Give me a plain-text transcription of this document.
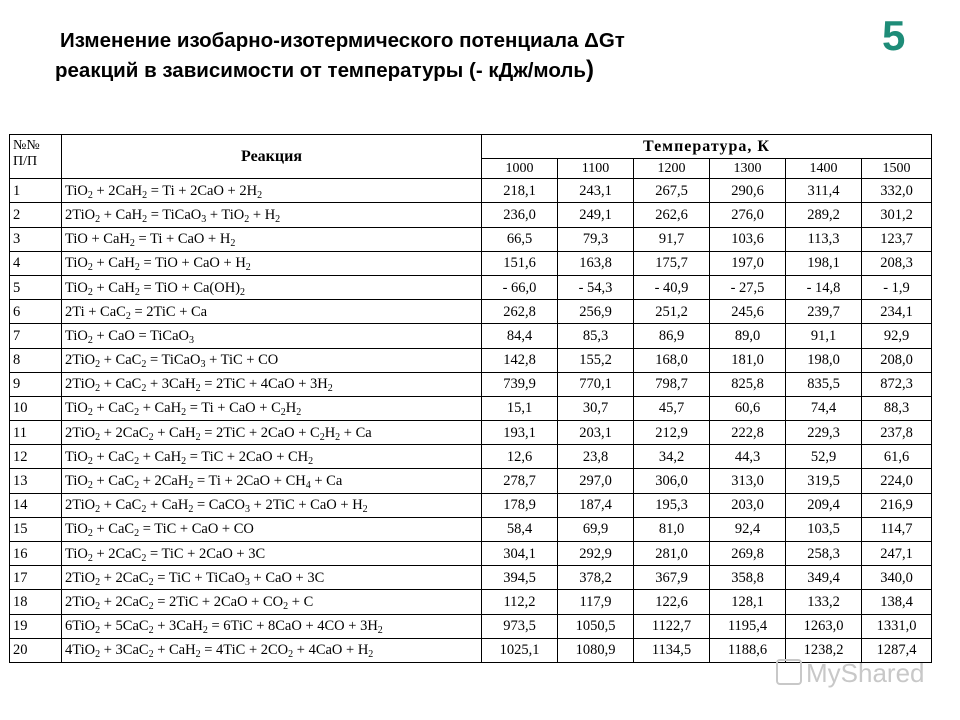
Изменение изобарно-изотермического потенциала ΔGт
реакций в зависимости от температуры (- кДж/моль)
5
№№
П/П	Реакция	Температура, К					
		1000	1100	1200	1300	1400	1500
1	$TiO_2 + 2CaH_2 = Ti + 2CaO + 2H_2$	218,1	243,1	267,5	290,6	311,4	332,0
2	2TiO$_2$ + CaH$_2$ = TiCaO$_3$ + $TiO_2 + H_2$	236,0	249,1	262,6	276,0	289,2	301,2
3	TiO + CaH$_2$ = Ti + CaO + $H_2$	66,5	79,3	91,7	103,6	113,3	123,7
4	TiO$_2$ + CaH$_2$ = TiO + CaO + $H_2$	151,6	163,8	175,7	197,0	198,1	208,3
5	TiO$_2$ + CaH$_2$ = TiO + $Ca(OH)_2$	- 66,0	- 54,3	- 40,9	- 27,5	- 14,8	- 1,9
6	2Ti + CaC$_2$ = 2TiC + Ca	262,8	256,9	251,2	245,6	239,7	234,1
7	TiO$_2$ + CaO = TiCaO$_3$	84,4	85,3	86,9	89,0	91,1	92,9
8	2TiO$_2$ + CaC$_2$ = TiCaO$_3$ + TiC + CO	142,8	155,2	168,0	181,0	198,0	208,0
9	$2TiO_2 + CaC_2 + 3CaH_2 = 2TiC + 4CaO + 3H_2$	739,9	770,1	798,7	825,8	835,5	872,3
10	TiO$_2$ + CaC$_2$ + CaH$_2$ = Ti + CaO + $C_2H_2$	15,1	30,7	45,7	60,6	74,4	88,3
11	$2TiO_2 + 2CaC_2 + CaH_2 = 2TiC + 2CaO + C_2H_2 + Ca$	193,1	203,1	212,9	222,8	229,3	237,8
12	TiO$_2$ + CaC$_2$ + CaH$_2$ = TiC + $2CaO + CH_2$	12,6	23,8	34,2	44,3	52,9	61,6
13	$TiO_2 + CaC_2 + 2CaH_2 = Ti + 2CaO + CH_4 + Ca$	278,7	297,0	306,0	313,0	319,5	224,0
14	2TiO$_2$ + CaC$_2$ + CaH$_2$ = CaCO$_3$ + 2TiC + CaO + $H_2$	178,9	187,4	195,3	203,0	209,4	216,9
15	TiO$_2$ + CaC$_2$ = TiC + CaO + CO	58,4	69,9	81,0	92,4	103,5	114,7
16	TiO$_2$ + 2CaC$_2$ = TiC + 2CaO + 3C	304,1	292,9	281,0	269,8	258,3	247,1
17	2TiO$_2$ + 2CaC$_2$ = TiC + TiCaO$_3$ + CaO + 3C	394,5	378,2	367,9	358,8	349,4	340,0
18	$2TiO_2 + 2CaC_2 = 2TiC + 2CaO + CO_2 + C$	112,2	117,9	122,6	128,1	133,2	138,4
19	$6TiO_2 + 5CaC_2 + 3CaH_2 = 6TiC + 8CaO + 4CO + 3H_2$	973,5	1050,5	1122,7	1195,4	1263,0	1331,0
20	$4TiO_2 + 3CaC_2 + CaH_2 = 4TiC + 2CO_2 + 4CaO + H_2$	1025,1	1080,9	1134,5	1188,6	1238,2	1287,4
MyShared
